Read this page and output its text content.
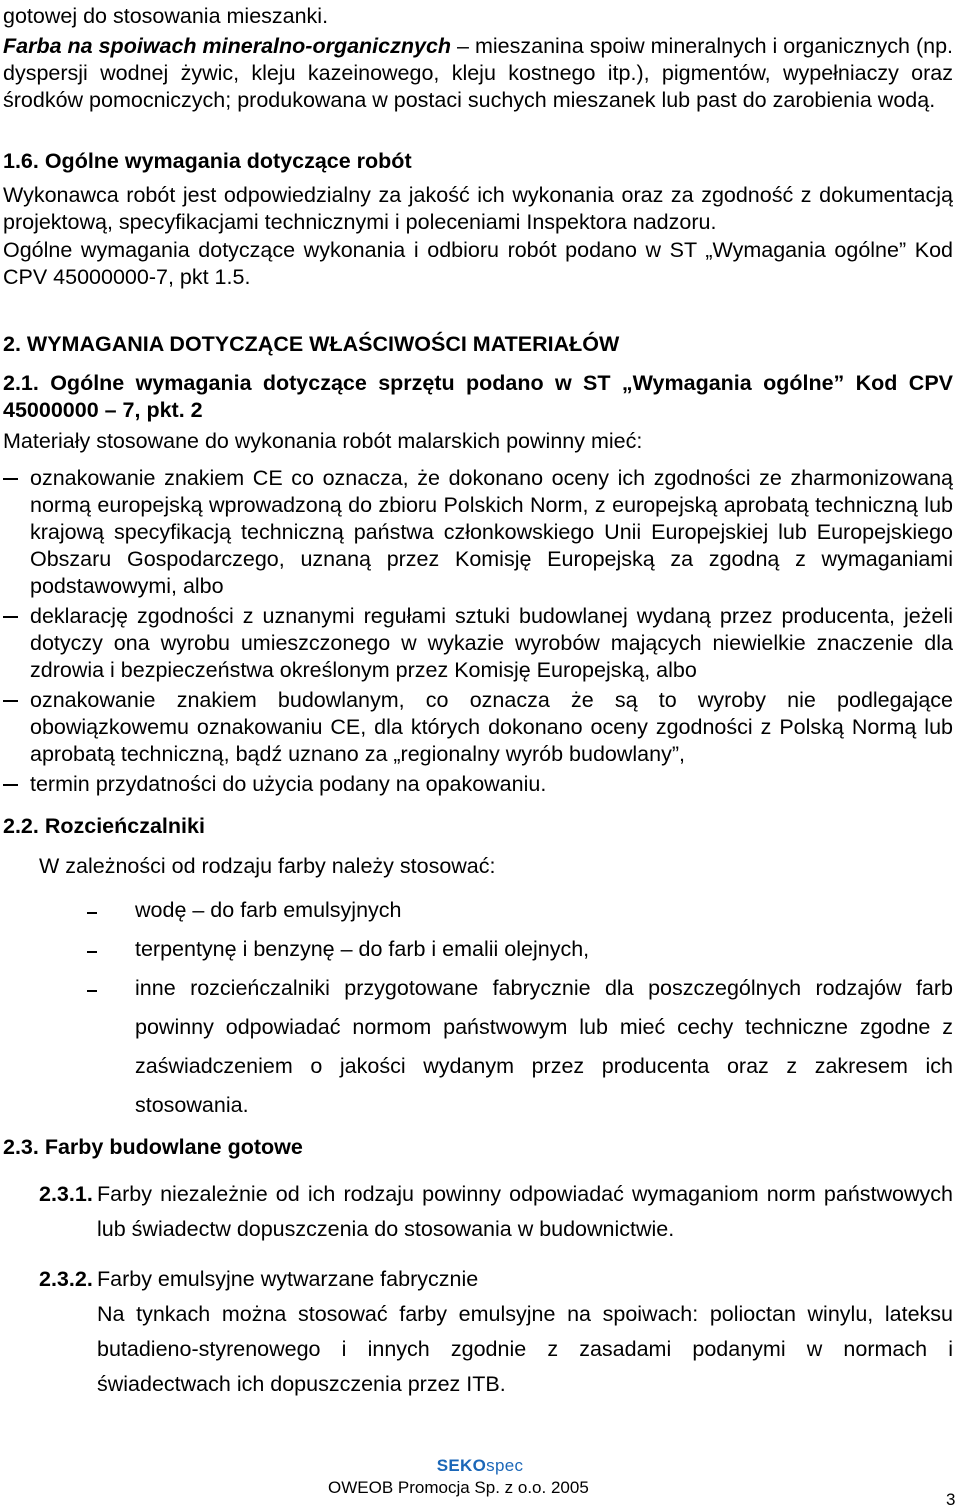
gotowej do stosowania mieszanki.

Farba na spoiwach mineralno-organicznych – mieszanina spoiw mineralnych i organicznych (np. dyspersji wodnej żywic, kleju kazeinowego, kleju kostnego itp.), pigmentów, wypełniaczy oraz środków pomocniczych; produkowana w postaci suchych mieszanek lub past do zarobienia wodą.

1.6. Ogólne wymagania dotyczące robót

Wykonawca robót jest odpowiedzialny za jakość ich wykonania oraz za zgodność z dokumentacją projektową, specyfikacjami technicznymi i poleceniami Inspektora nadzoru.

Ogólne wymagania dotyczące wykonania i odbioru robót podano w ST „Wymagania ogólne” Kod CPV 45000000-7, pkt 1.5.

2. WYMAGANIA DOTYCZĄCE WŁAŚCIWOŚCI MATERIAŁÓW

2.1. Ogólne wymagania dotyczące sprzętu podano w ST „Wymagania ogólne” Kod CPV 45000000 – 7, pkt. 2

Materiały stosowane do wykonania robót malarskich powinny mieć:

oznakowanie znakiem CE co oznacza, że dokonano oceny ich zgodności ze zharmonizowaną normą europejską wprowadzoną do zbioru Polskich Norm, z europejską aprobatą techniczną lub krajową specyfikacją techniczną państwa członkowskiego Unii Europejskiej lub Europejskiego Obszaru Gospodarczego, uznaną przez Komisję Europejską za zgodną z wymaganiami podstawowymi, albo

deklarację zgodności z uznanymi regułami sztuki budowlanej wydaną przez producenta, jeżeli dotyczy ona wyrobu umieszczonego w wykazie wyrobów mających niewielkie znaczenie dla zdrowia i bezpieczeństwa określonym przez Komisję Europejską, albo

oznakowanie znakiem budowlanym, co oznacza że są to wyroby nie podlegające obowiązkowemu oznakowaniu CE, dla których dokonano oceny zgodności z Polską Normą lub aprobatą techniczną, bądź uznano za „regionalny wyrób budowlany”,

termin przydatności do użycia podany na opakowaniu.

2.2. Rozcieńczalniki

W zależności od rodzaju farby należy stosować:

wodę – do farb emulsyjnych

terpentynę i benzynę – do farb i emalii olejnych,

inne rozcieńczalniki przygotowane fabrycznie dla poszczególnych rodzajów farb powinny odpowiadać normom państwowym lub mieć cechy techniczne zgodne z zaświadczeniem o jakości wydanym przez producenta oraz z zakresem ich stosowania.

2.3. Farby budowlane gotowe

2.3.1. Farby niezależnie od ich rodzaju powinny odpowiadać wymaganiom norm państwowych lub świadectw dopuszczenia do stosowania w budownictwie.

2.3.2. Farby emulsyjne wytwarzane fabrycznie

Na tynkach można stosować farby emulsyjne na spoiwach: polioctan winylu, lateksu butadieno-styrenowego i innych zgodnie z zasadami podanymi w normach i świadectwach ich dopuszczenia przez ITB.

SEKOspec
OWEOB Promocja Sp. z o.o. 2005
3
